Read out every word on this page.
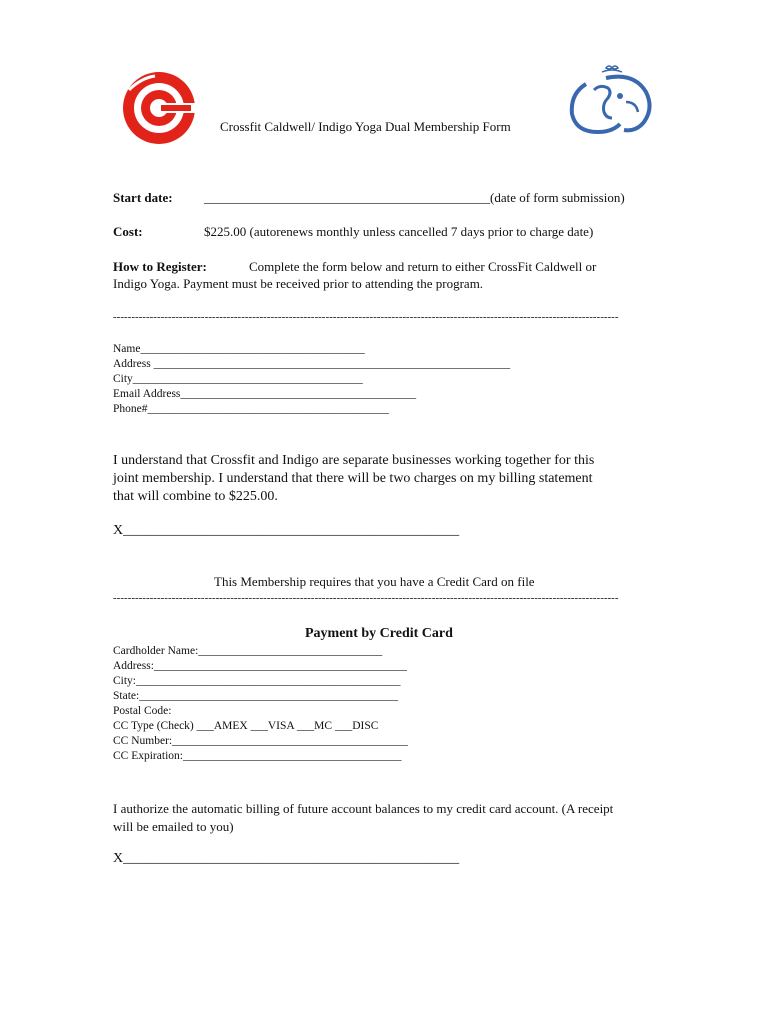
Crossfit Caldwell/ Indigo Yoga Dual Membership Form
Start date: ____________________________________________(date of form submission)
Cost:	$225.00 (autorenews monthly unless cancelled 7 days prior to charge date)
How to Register:	Complete the form below and return to either CrossFit Caldwell or
Indigo Yoga. Payment must be received prior to attending the program.
------------------------------------------------------------------------------------------------------------------------------------------
Name_______________________________________
Address ______________________________________________________________
City________________________________________
Email Address_________________________________________
Phone#__________________________________________
I understand that Crossfit and Indigo are separate businesses working together for this
joint membership. I understand that there will be two charges on my billing statement
that will combine to $225.00.
X________________________________________________
This Membership requires that you have a Credit Card on file
------------------------------------------------------------------------------------------------------------------------------------------
Payment by Credit Card
Cardholder Name:________________________________
Address:____________________________________________
City:______________________________________________
State:_____________________________________________
Postal Code:
CC Type (Check) ___AMEX ___VISA ___MC ___DISC
CC Number:_________________________________________
CC Expiration:______________________________________
I authorize the automatic billing of future account balances to my credit card account. (A receipt
will be emailed to you)
X________________________________________________
